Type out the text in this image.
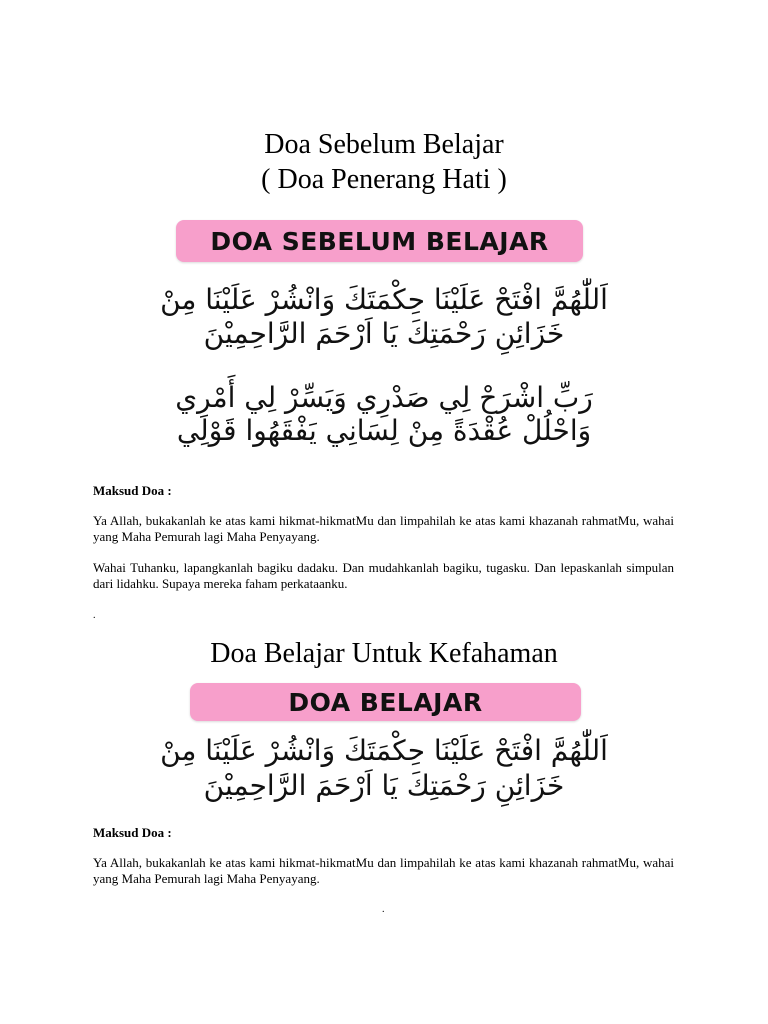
Doa Sebelum Belajar
( Doa Penerang Hati )
DOA SEBELUM BELAJAR

اَللّٰهُمَّ افْتَحْ عَلَيْنَا حِكْمَتَكَ وَانْشُرْ عَلَيْنَا مِنْ

خَزَائِنِ رَحْمَتِكَ يَا اَرْحَمَ الرَّاحِمِيْنَ

رَبِّ اشْرَحْ لِي صَدْرِي وَيَسِّرْ لِي أَمْرِي

وَاحْلُلْ عُقْدَةً مِنْ لِسَانِي يَفْقَهُوا قَوْلِي

Maksud Doa :

Ya Allah, bukakanlah ke atas kami hikmat-hikmatMu dan limpahilah ke atas kami khazanah rahmatMu, wahai yang Maha Pemurah lagi Maha Penyayang.

Wahai Tuhanku, lapangkanlah bagiku dadaku. Dan mudahkanlah bagiku, tugasku. Dan lepaskanlah simpulan dari lidahku. Supaya mereka faham perkataanku.

.
Doa Belajar Untuk Kefahaman
DOA BELAJAR

اَللّٰهُمَّ افْتَحْ عَلَيْنَا حِكْمَتَكَ وَانْشُرْ عَلَيْنَا مِنْ

خَزَائِنِ رَحْمَتِكَ يَا اَرْحَمَ الرَّاحِمِيْنَ

Maksud Doa :

Ya Allah, bukakanlah ke atas kami hikmat-hikmatMu dan limpahilah ke atas kami khazanah rahmatMu, wahai yang Maha Pemurah lagi Maha Penyayang.

.
